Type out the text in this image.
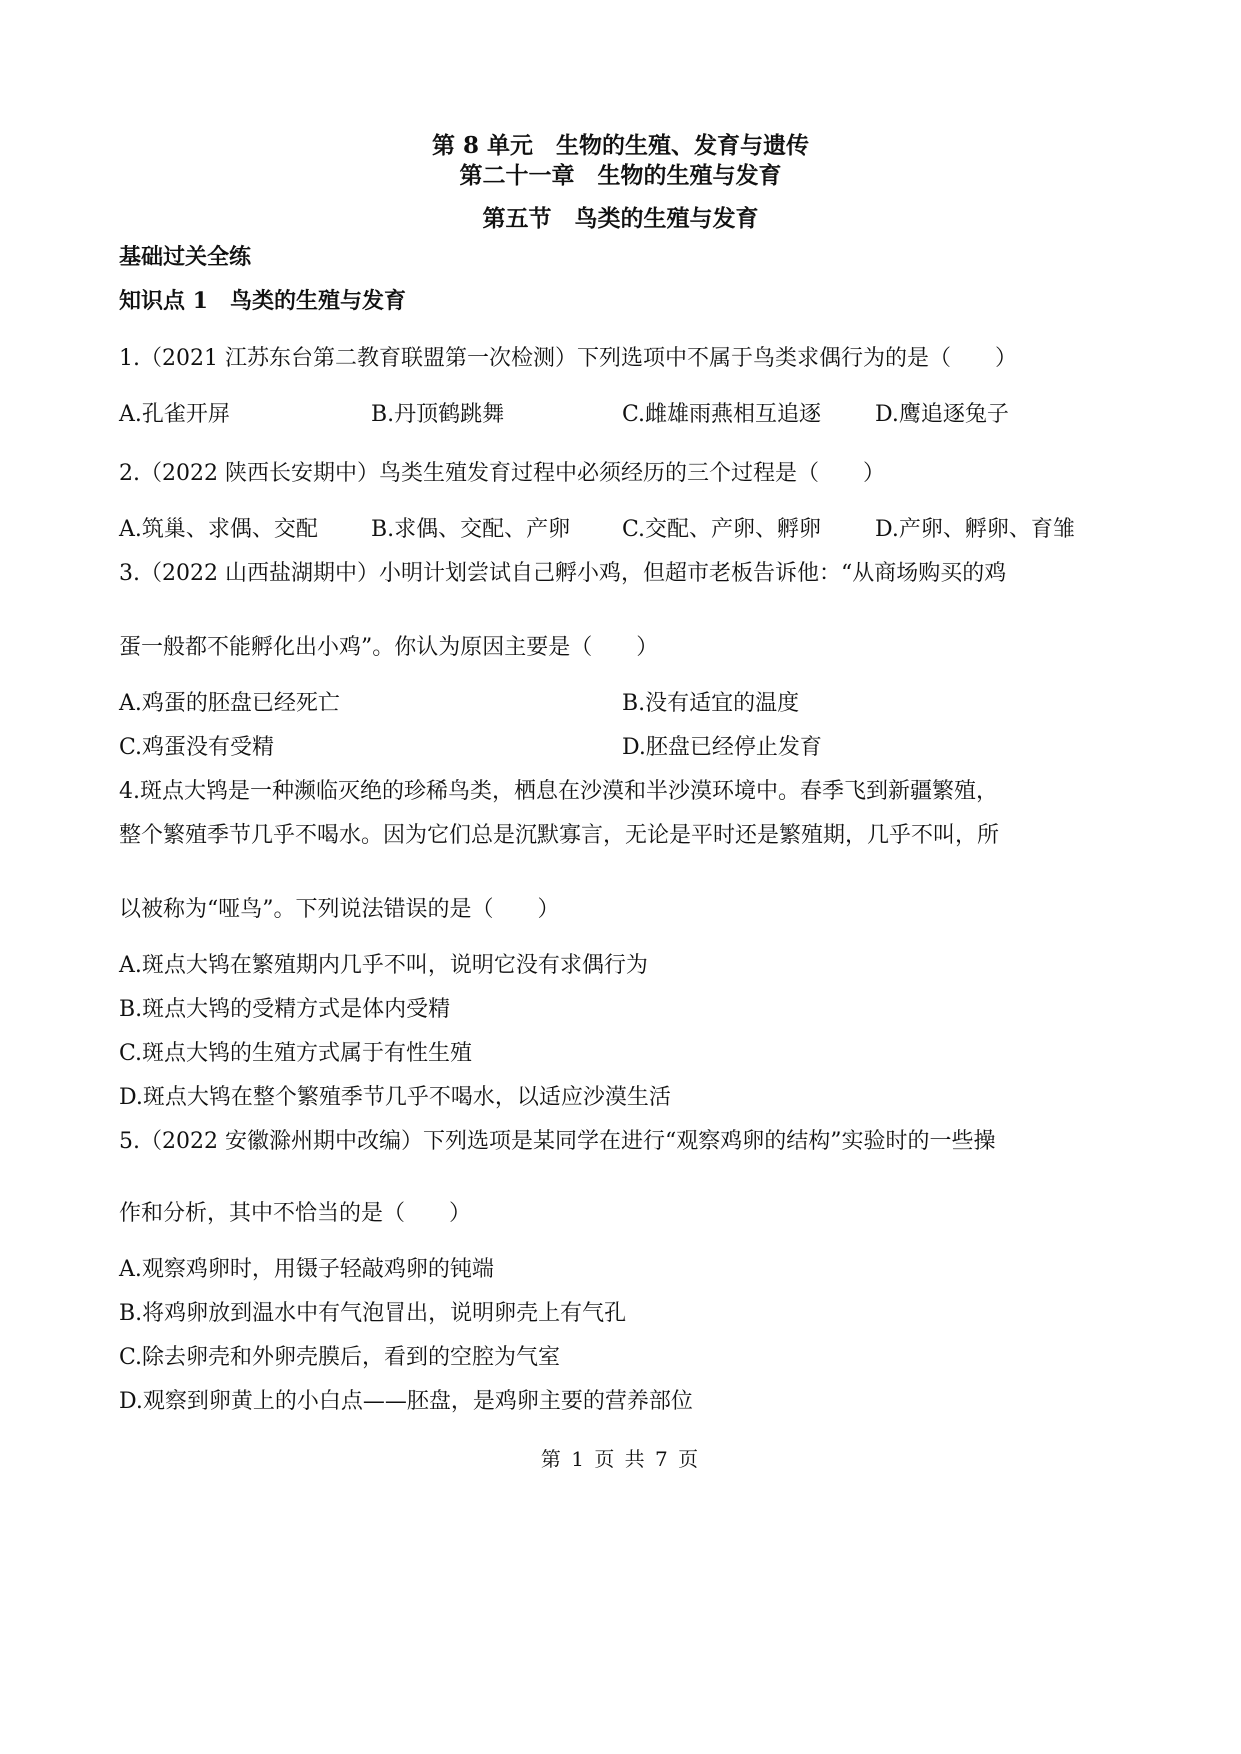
第 8 单元　生物的生殖、发育与遗传
第二十一章　生物的生殖与发育
第五节　鸟类的生殖与发育
基础过关全练
知识点 1　鸟类的生殖与发育
1.（2021 江苏东台第二教育联盟第一次检测）下列选项中不属于鸟类求偶行为的是（　　）
A.孔雀开屏	B.丹顶鹤跳舞	C.雌雄雨燕相互追逐 D.鹰追逐兔子
2.（2022 陕西长安期中）鸟类生殖发育过程中必须经历的三个过程是（　　）
A.筑巢、求偶、交配 B.求偶、交配、产卵 C.交配、产卵、孵卵 D.产卵、孵卵、育雏
3.（2022 山西盐湖期中）小明计划尝试自己孵小鸡，但超市老板告诉他：“从商场购买的鸡
蛋一般都不能孵化出小鸡”。你认为原因主要是（　　）
A.鸡蛋的胚盘已经死亡	B.没有适宜的温度
C.鸡蛋没有受精	D.胚盘已经停止发育
4.斑点大鸨是一种濒临灭绝的珍稀鸟类，栖息在沙漠和半沙漠环境中。春季飞到新疆繁殖，
整个繁殖季节几乎不喝水。因为它们总是沉默寡言，无论是平时还是繁殖期，几乎不叫，所
以被称为“哑鸟”。下列说法错误的是（　　）
A.斑点大鸨在繁殖期内几乎不叫，说明它没有求偶行为
B.斑点大鸨的受精方式是体内受精
C.斑点大鸨的生殖方式属于有性生殖
D.斑点大鸨在整个繁殖季节几乎不喝水，以适应沙漠生活
5.（2022 安徽滁州期中改编）下列选项是某同学在进行“观察鸡卵的结构”实验时的一些操
作和分析，其中不恰当的是（　　）
A.观察鸡卵时，用镊子轻敲鸡卵的钝端
B.将鸡卵放到温水中有气泡冒出，说明卵壳上有气孔
C.除去卵壳和外卵壳膜后，看到的空腔为气室
D.观察到卵黄上的小白点——胚盘，是鸡卵主要的营养部位
第 1 页 共 7 页
